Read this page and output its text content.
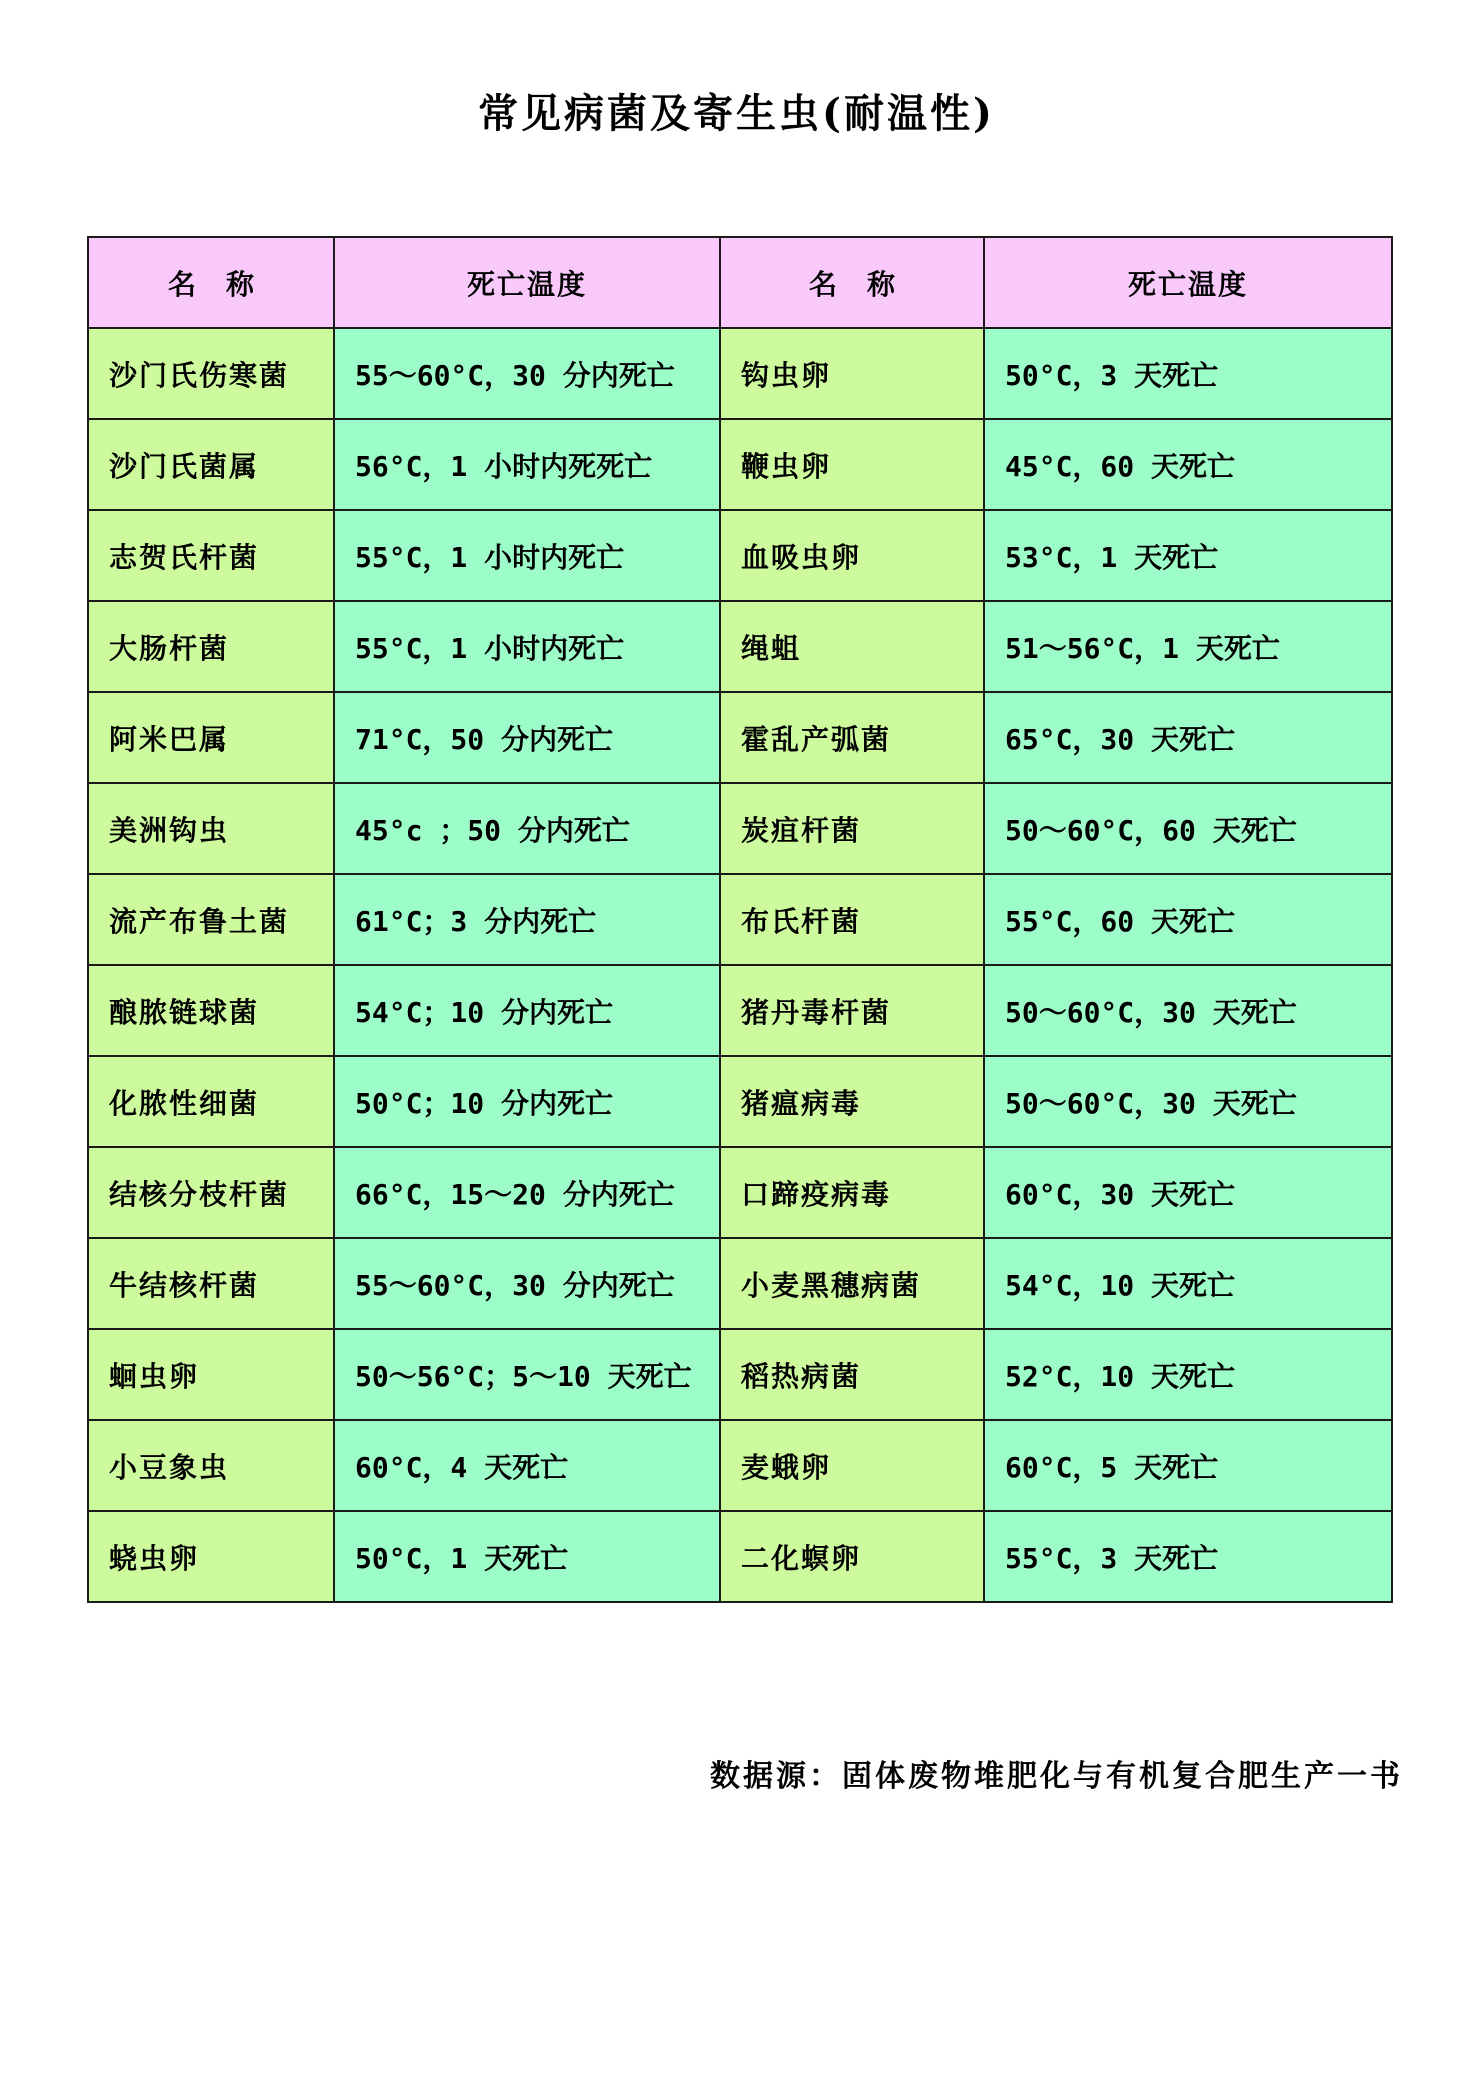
常见病菌及寄生虫(耐温性)
名称	死亡温度	名称	死亡温度
沙门氏伤寒菌	55～60°C，30 分内死亡	钩虫卵	50°C，3 天死亡
沙门氏菌属	56°C，1 小时内死死亡	鞭虫卵	45°C，60 天死亡
志贺氏杆菌	55°C，1 小时内死亡	血吸虫卵	53°C，1 天死亡
大肠杆菌	55°C，1 小时内死亡	绳蛆	51～56°C，1 天死亡
阿米巴属	71°C，50 分内死亡	霍乱产弧菌	65°C，30 天死亡
美洲钩虫	45°c ；50 分内死亡	炭疽杆菌	50～60°C，60 天死亡
流产布鲁土菌	61°C；3 分内死亡	布氏杆菌	55°C，60 天死亡
酿脓链球菌	54°C；10 分内死亡	猪丹毒杆菌	50～60°C，30 天死亡
化脓性细菌	50°C；10 分内死亡	猪瘟病毒	50～60°C，30 天死亡
结核分枝杆菌	66°C，15～20 分内死亡	口蹄疫病毒	60°C，30 天死亡
牛结核杆菌	55～60°C，30 分内死亡	小麦黑穗病菌	54°C，10 天死亡
蛔虫卵	50～56°C；5～10 天死亡	稻热病菌	52°C，10 天死亡
小豆象虫	60°C，4 天死亡	麦蛾卵	60°C，5 天死亡
蛲虫卵	50°C，1 天死亡	二化螟卵	55°C，3 天死亡
数据源：固体废物堆肥化与有机复合肥生产一书
